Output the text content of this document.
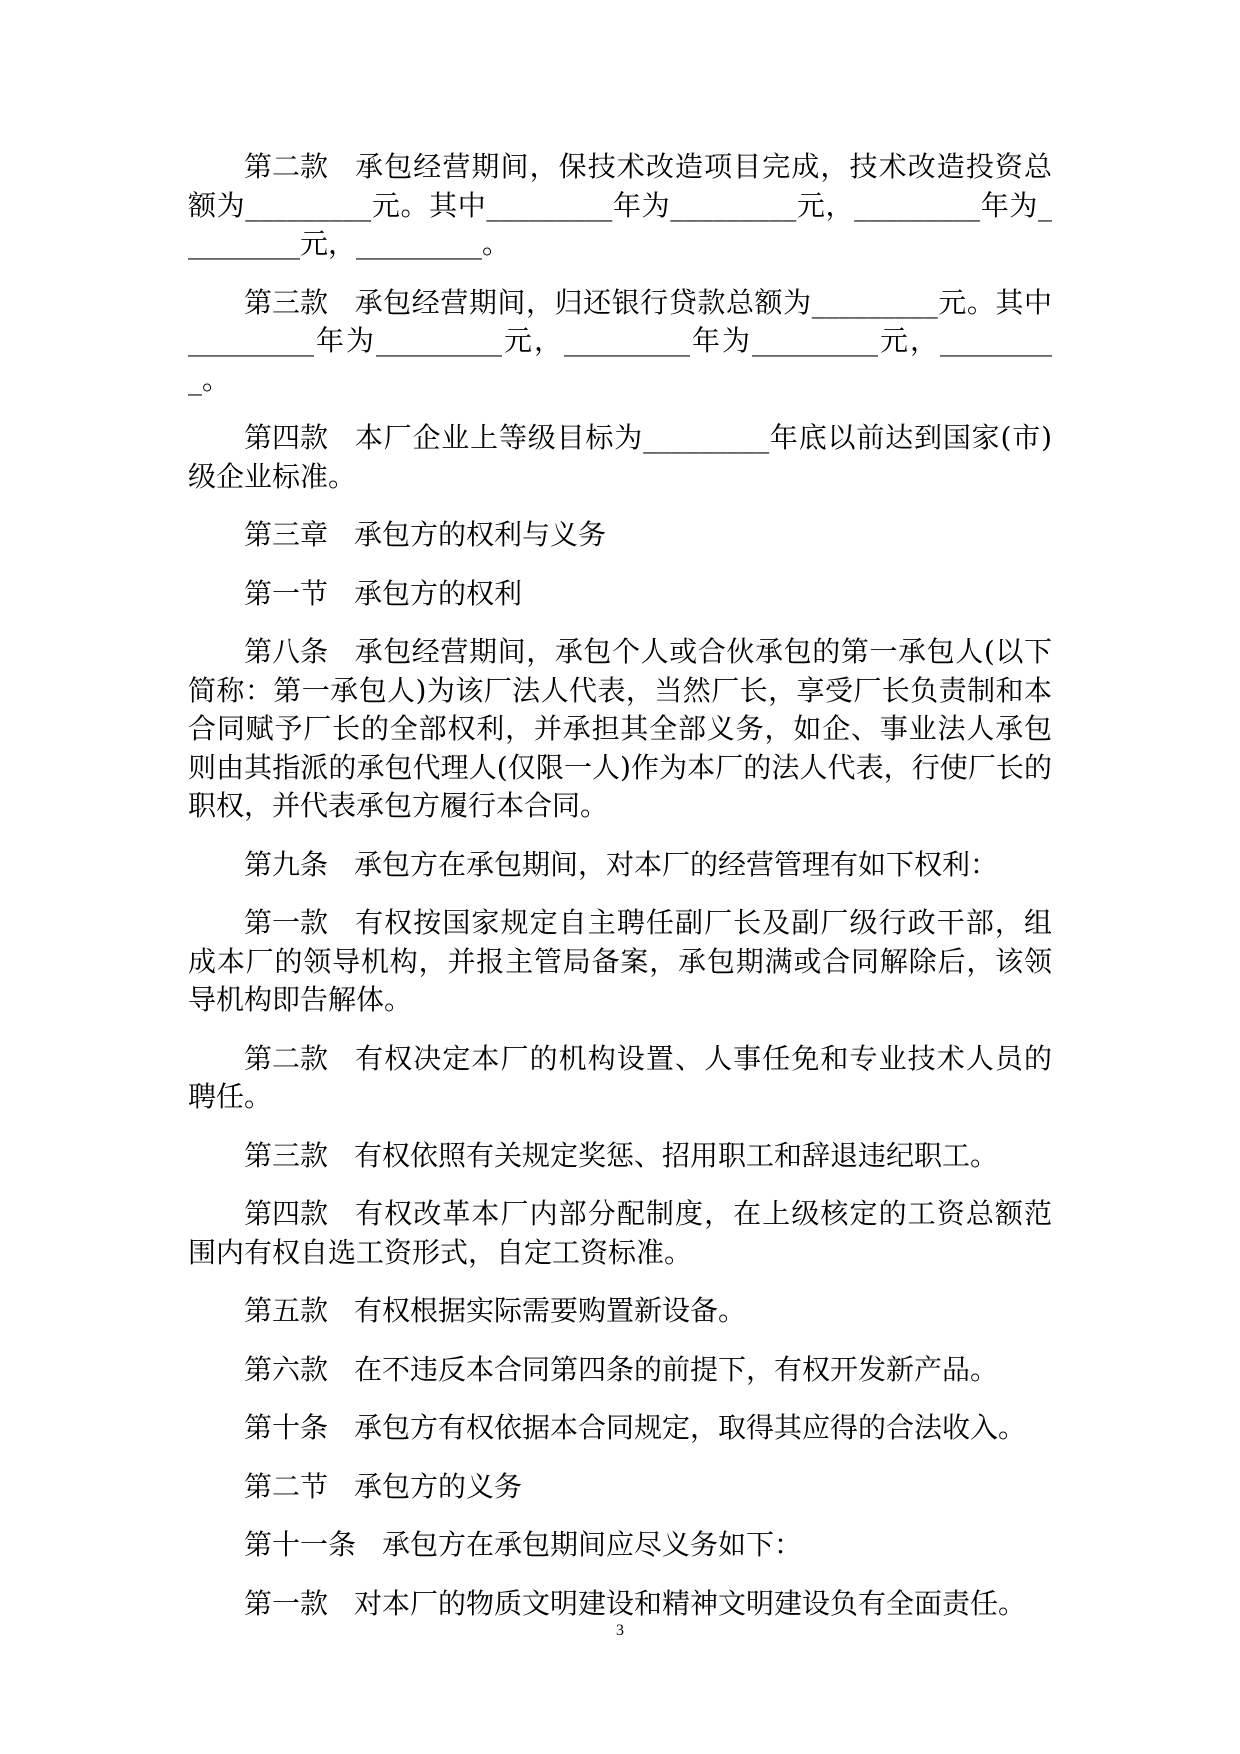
第二款 承包经营期间，保技术改造项目完成，技术改造投资总额为_________元。其中_________年为_________元，_________年为_________元，_________。

第三款 承包经营期间，归还银行贷款总额为_________元。其中_________年为_________元，_________年为_________元，_________。

第四款 本厂企业上等级目标为_________年底以前达到国家(市)级企业标准。

第三章 承包方的权利与义务

第一节 承包方的权利

第八条 承包经营期间，承包个人或合伙承包的第一承包人(以下简称：第一承包人)为该厂法人代表，当然厂长，享受厂长负责制和本合同赋予厂长的全部权利，并承担其全部义务，如企、事业法人承包则由其指派的承包代理人(仅限一人)作为本厂的法人代表，行使厂长的职权，并代表承包方履行本合同。

第九条 承包方在承包期间，对本厂的经营管理有如下权利：

第一款 有权按国家规定自主聘任副厂长及副厂级行政干部，组成本厂的领导机构，并报主管局备案，承包期满或合同解除后，该领导机构即告解体。

第二款 有权决定本厂的机构设置、人事任免和专业技术人员的聘任。

第三款 有权依照有关规定奖惩、招用职工和辞退违纪职工。

第四款 有权改革本厂内部分配制度，在上级核定的工资总额范围内有权自选工资形式，自定工资标准。

第五款 有权根据实际需要购置新设备。

第六款 在不违反本合同第四条的前提下，有权开发新产品。

第十条 承包方有权依据本合同规定，取得其应得的合法收入。

第二节 承包方的义务

第十一条 承包方在承包期间应尽义务如下：

第一款 对本厂的物质文明建设和精神文明建设负有全面责任。

3
